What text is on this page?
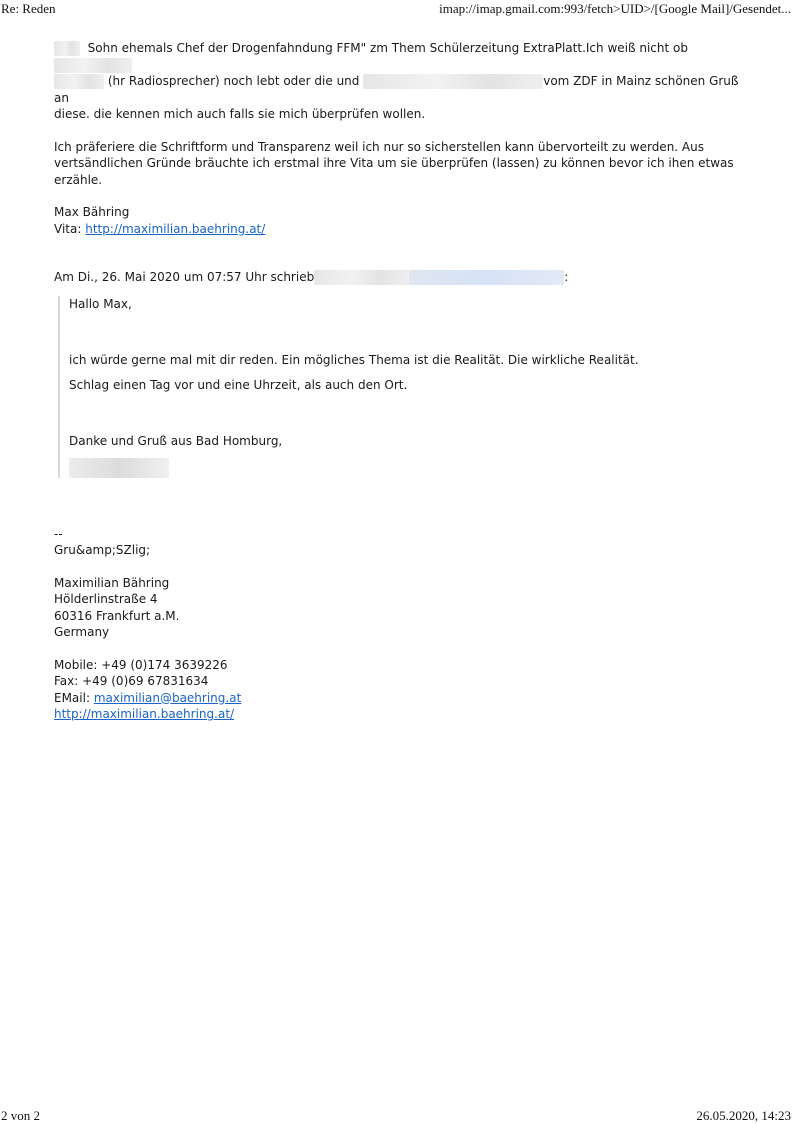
Re: Reden	imap://imap.gmail.com:993/fetch>UID>/[Google Mail]/Gesendet...

Sohn ehemals Chef der Drogenfahndung FFM" zm Them Schülerzeitung ExtraPlatt.Ich weiß nicht ob
(hr Radiosprecher) noch lebt oder die und	vom ZDF in Mainz schönen Gruß an
diese. die kennen mich auch falls sie mich überprüfen wollen.

Ich präferiere die Schriftform und Transparenz weil ich nur so sicherstellen kann übervorteilt zu werden. Aus vertsändlichen Gründe bräuchte ich erstmal ihre Vita um sie überprüfen (lassen) zu können bevor ich ihen etwas erzähle.

Max Bähring

Vita: http://maximilian.baehring.at/

Am Di., 26. Mai 2020 um 07:57 Uhr schrieb	:

Hallo Max,

ich würde gerne mal mit dir reden. Ein mögliches Thema ist die Realität. Die wirkliche Realität.

Schlag einen Tag vor und eine Uhrzeit, als auch den Ort.

Danke und Gruß aus Bad Homburg,

--

Gru&amp;SZlig;

Maximilian Bähring

Hölderlinstraße 4

60316 Frankfurt a.M.

Germany

Mobile: +49 (0)174 3639226

Fax: +49 (0)69 67831634

EMail: maximilian@baehring.at

http://maximilian.baehring.at/

2 von 2	26.05.2020, 14:23
